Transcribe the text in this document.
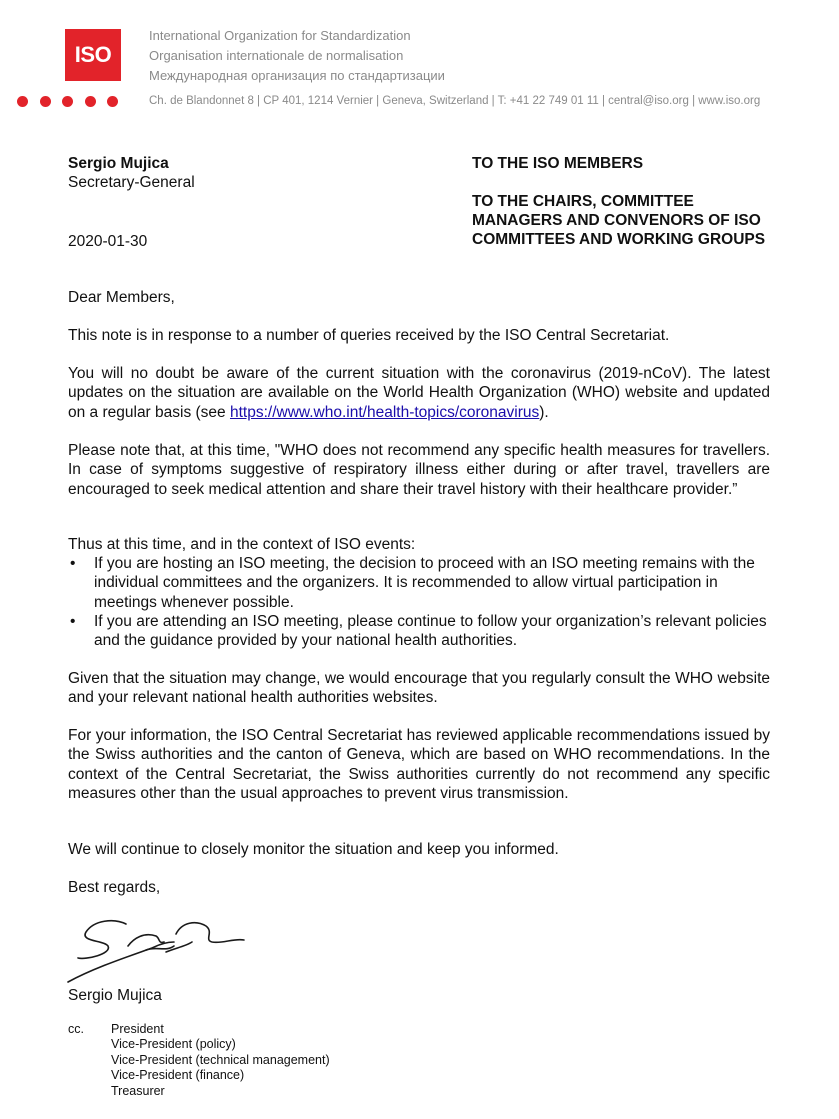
ISO
International Organization for Standardization
Organisation internationale de normalisation
Международная организация по стандартизации
Ch. de Blandonnet 8 | CP 401, 1214 Vernier | Geneva, Switzerland | T: +41 22 749 01 11 | central@iso.org | www.iso.org
Sergio Mujica
Secretary-General
2020-01-30
TO THE ISO MEMBERS
TO THE CHAIRS, COMMITTEE MANAGERS AND CONVENORS OF ISO COMMITTEES AND WORKING GROUPS
Dear Members,
This note is in response to a number of queries received by the ISO Central Secretariat.
You will no doubt be aware of the current situation with the coronavirus (2019-nCoV). The latest updates on the situation are available on the World Health Organization (WHO) website and updated on a regular basis (see https://www.who.int/health-topics/coronavirus).
Please note that, at this time, "WHO does not recommend any specific health measures for travellers. In case of symptoms suggestive of respiratory illness either during or after travel, travellers are encouraged to seek medical attention and share their travel history with their healthcare provider.”
Thus at this time, and in the context of ISO events:
• If you are hosting an ISO meeting, the decision to proceed with an ISO meeting remains with the individual committees and the organizers. It is recommended to allow virtual participation in meetings whenever possible.
• If you are attending an ISO meeting, please continue to follow your organization’s relevant policies and the guidance provided by your national health authorities.
Given that the situation may change, we would encourage that you regularly consult the WHO website and your relevant national health authorities websites.
For your information, the ISO Central Secretariat has reviewed applicable recommendations issued by the Swiss authorities and the canton of Geneva, which are based on WHO recommendations. In the context of the Central Secretariat, the Swiss authorities currently do not recommend any specific measures other than the usual approaches to prevent virus transmission.
We will continue to closely monitor the situation and keep you informed.
Best regards,
Sergio Mujica
cc. President
Vice-President (policy)
Vice-President (technical management)
Vice-President (finance)
Treasurer
